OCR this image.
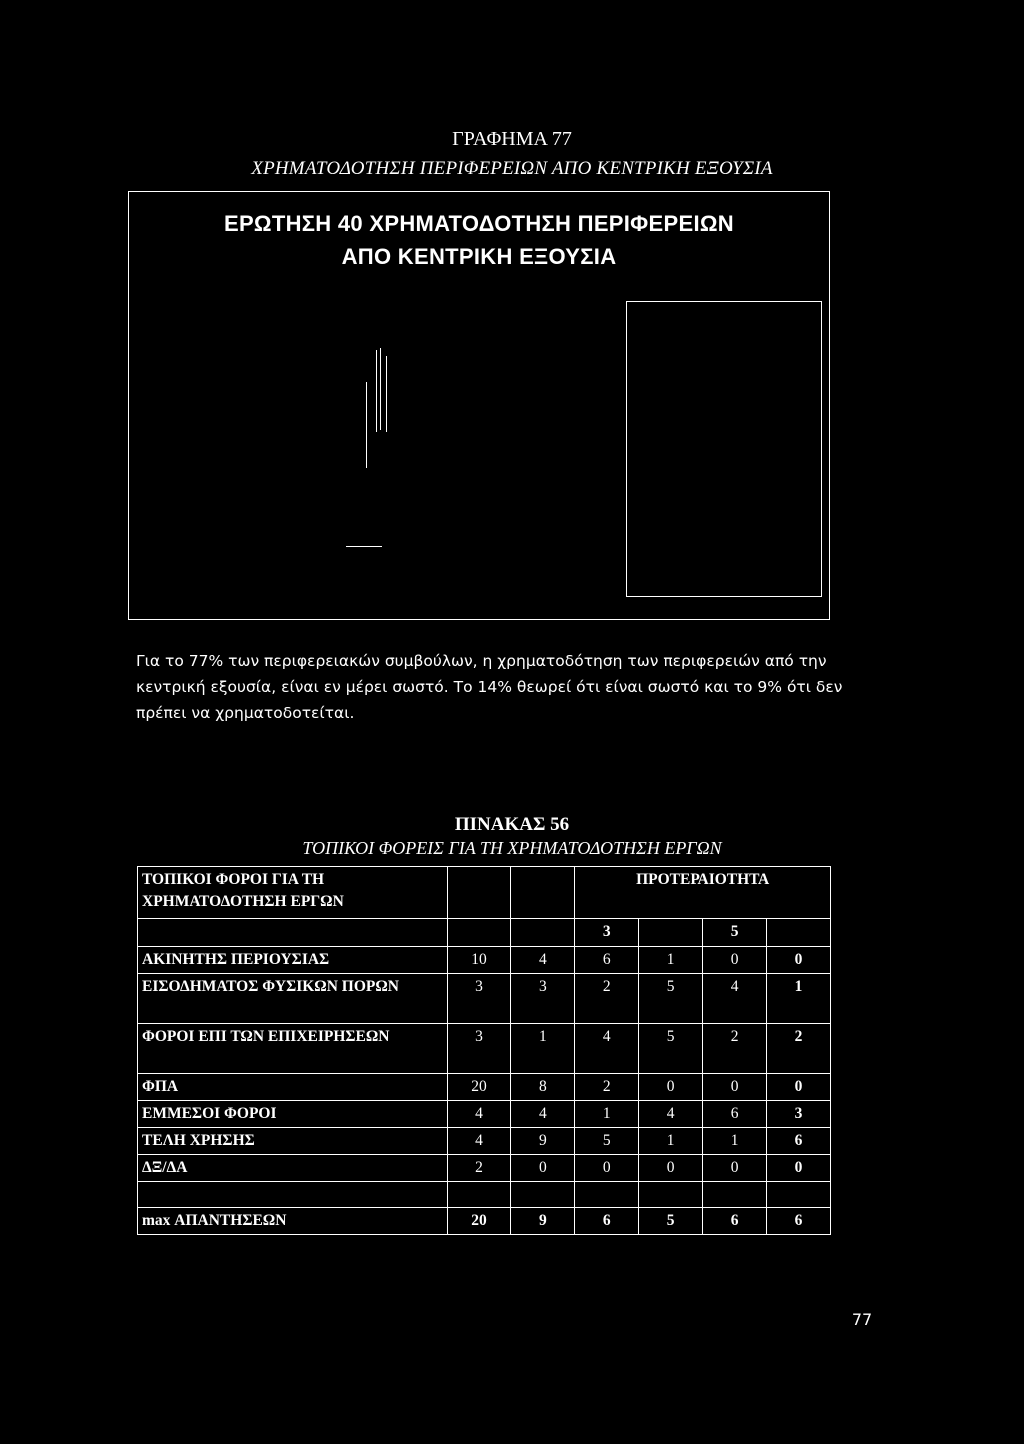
ΓΡΑΦΗΜΑ 77
ΧΡΗΜΑΤΟΔΟΤΗΣΗ ΠΕΡΙΦΕΡΕΙΩΝ ΑΠΟ ΚΕΝΤΡΙΚΗ ΕΞΟΥΣΙΑ
ΕΡΩΤΗΣΗ 40 ΧΡΗΜΑΤΟΔΟΤΗΣΗ ΠΕΡΙΦΕΡΕΙΩΝ
ΑΠΟ ΚΕΝΤΡΙΚΗ ΕΞΟΥΣΙΑ
Για το 77% των περιφερειακών συμβούλων, η χρηματοδότηση των περιφερειών από την κεντρική εξουσία, είναι εν μέρει σωστό. Το 14% θεωρεί ότι είναι σωστό και το 9% ότι δεν πρέπει να χρηματοδοτείται.
ΠΙΝΑΚΑΣ 56
ΤΟΠΙΚΟΙ ΦΟΡΕΙΣ ΓΙΑ ΤΗ ΧΡΗΜΑΤΟΔΟΤΗΣΗ ΕΡΓΩΝ
ΤΟΠΙΚΟΙ ΦΟΡΟΙ ΓΙΑ ΤΗ ΧΡΗΜΑΤΟΔΟΤΗΣΗ ΕΡΓΩΝ			ΠΡΟΤΕΡΑΙΟΤΗΤΑ			
			3		5	
ΑΚΙΝΗΤΗΣ ΠΕΡΙΟΥΣΙΑΣ	10	4	6	1	0	0
ΕΙΣΟΔΗΜΑΤΟΣ ΦΥΣΙΚΩΝ ΠΟΡΩΝ	3	3	2	5	4	1
ΦΟΡΟΙ ΕΠΙ ΤΩΝ ΕΠΙΧΕΙΡΗΣΕΩΝ	3	1	4	5	2	2
ΦΠΑ	20	8	2	0	0	0
ΕΜΜΕΣΟΙ ΦΟΡΟΙ	4	4	1	4	6	3
ΤΕΛΗ ΧΡΗΣΗΣ	4	9	5	1	1	6
ΔΞ/ΔΑ	2	0	0	0	0	0

max ΑΠΑΝΤΗΣΕΩΝ	20	9	6	5	6	6
77
